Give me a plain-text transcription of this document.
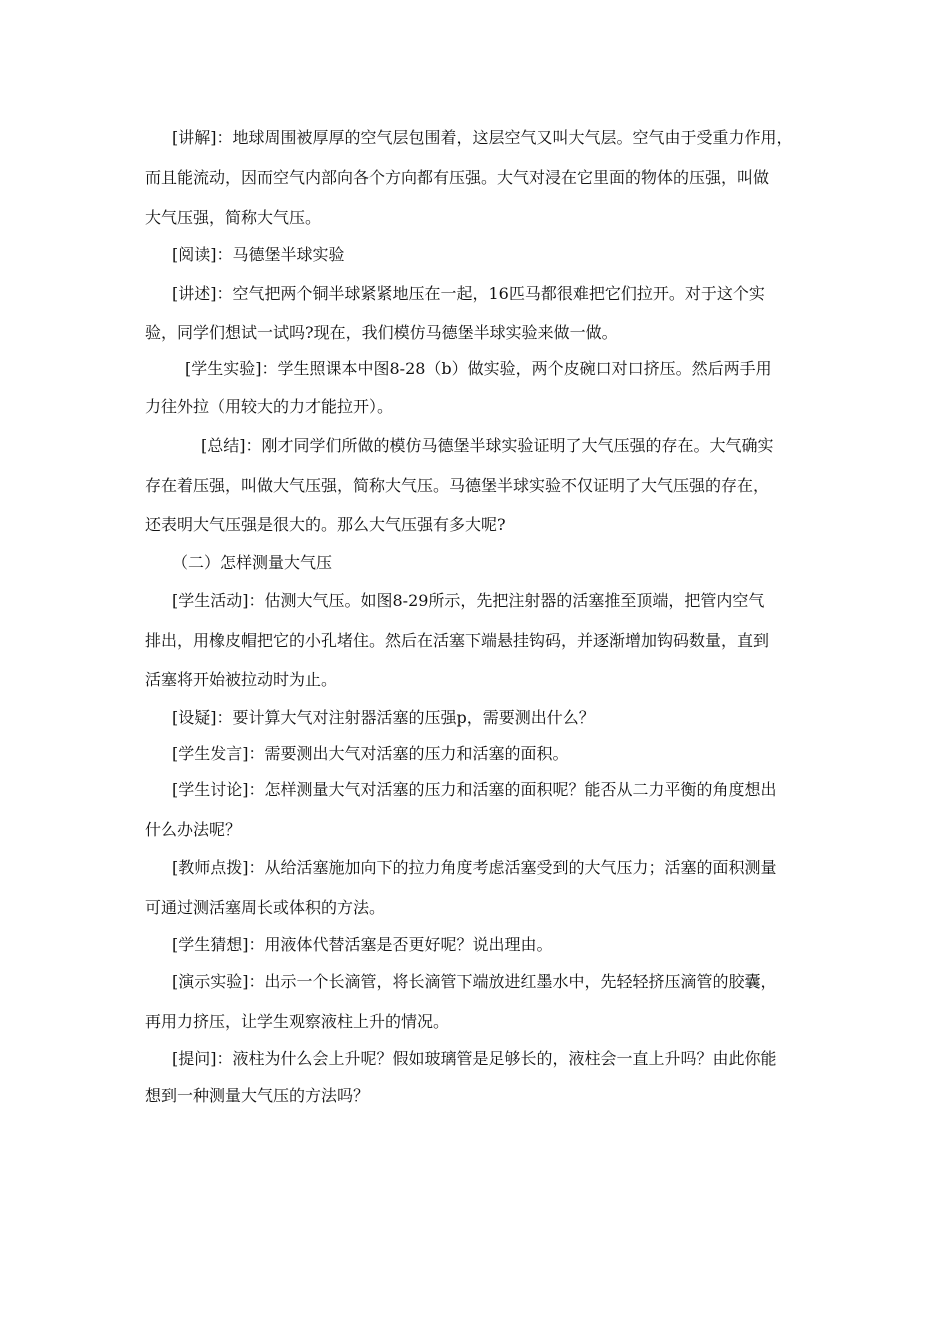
[讲解]：地球周围被厚厚的空气层包围着，这层空气又叫大气层。空气由于受重力作用，
而且能流动，因而空气内部向各个方向都有压强。大气对浸在它里面的物体的压强，叫做
大气压强，简称大气压。
[阅读]：马德堡半球实验
[讲述]：空气把两个铜半球紧紧地压在一起，16匹马都很难把它们拉开。对于这个实
验，同学们想试一试吗?现在，我们模仿马德堡半球实验来做一做。
[学生实验]：学生照课本中图8-28（b）做实验，两个皮碗口对口挤压。然后两手用
力往外拉（用较大的力才能拉开）。
[总结]：刚才同学们所做的模仿马德堡半球实验证明了大气压强的存在。大气确实
存在着压强，叫做大气压强，简称大气压。马德堡半球实验不仅证明了大气压强的存在，
还表明大气压强是很大的。那么大气压强有多大呢?
（二）怎样测量大气压
[学生活动]：估测大气压。如图8-29所示，先把注射器的活塞推至顶端，把管内空气
排出，用橡皮帽把它的小孔堵住。然后在活塞下端悬挂钩码，并逐渐增加钩码数量，直到
活塞将开始被拉动时为止。
[设疑]：要计算大气对注射器活塞的压强p，需要测出什么？
[学生发言]：需要测出大气对活塞的压力和活塞的面积。
[学生讨论]：怎样测量大气对活塞的压力和活塞的面积呢？能否从二力平衡的角度想出
什么办法呢？
[教师点拨]：从给活塞施加向下的拉力角度考虑活塞受到的大气压力；活塞的面积测量
可通过测活塞周长或体积的方法。
[学生猜想]：用液体代替活塞是否更好呢？说出理由。
[演示实验]：出示一个长滴管，将长滴管下端放进红墨水中，先轻轻挤压滴管的胶囊，
再用力挤压，让学生观察液柱上升的情况。
[提问]：液柱为什么会上升呢？假如玻璃管是足够长的，液柱会一直上升吗？由此你能
想到一种测量大气压的方法吗？
